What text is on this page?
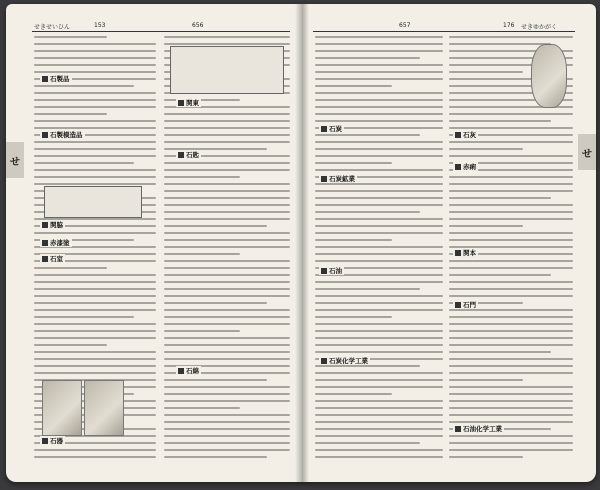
せきせいひん	153	656
せ
石製品
石製模造品
関脇
赤漆塗
石室
関東
石匙
石綿
石器
657	176 せきゆかがく
せ
石炭
石炭鉱業
石油
石炭化学工業
石灰
赤痢
関本
石門
石油化学工業
